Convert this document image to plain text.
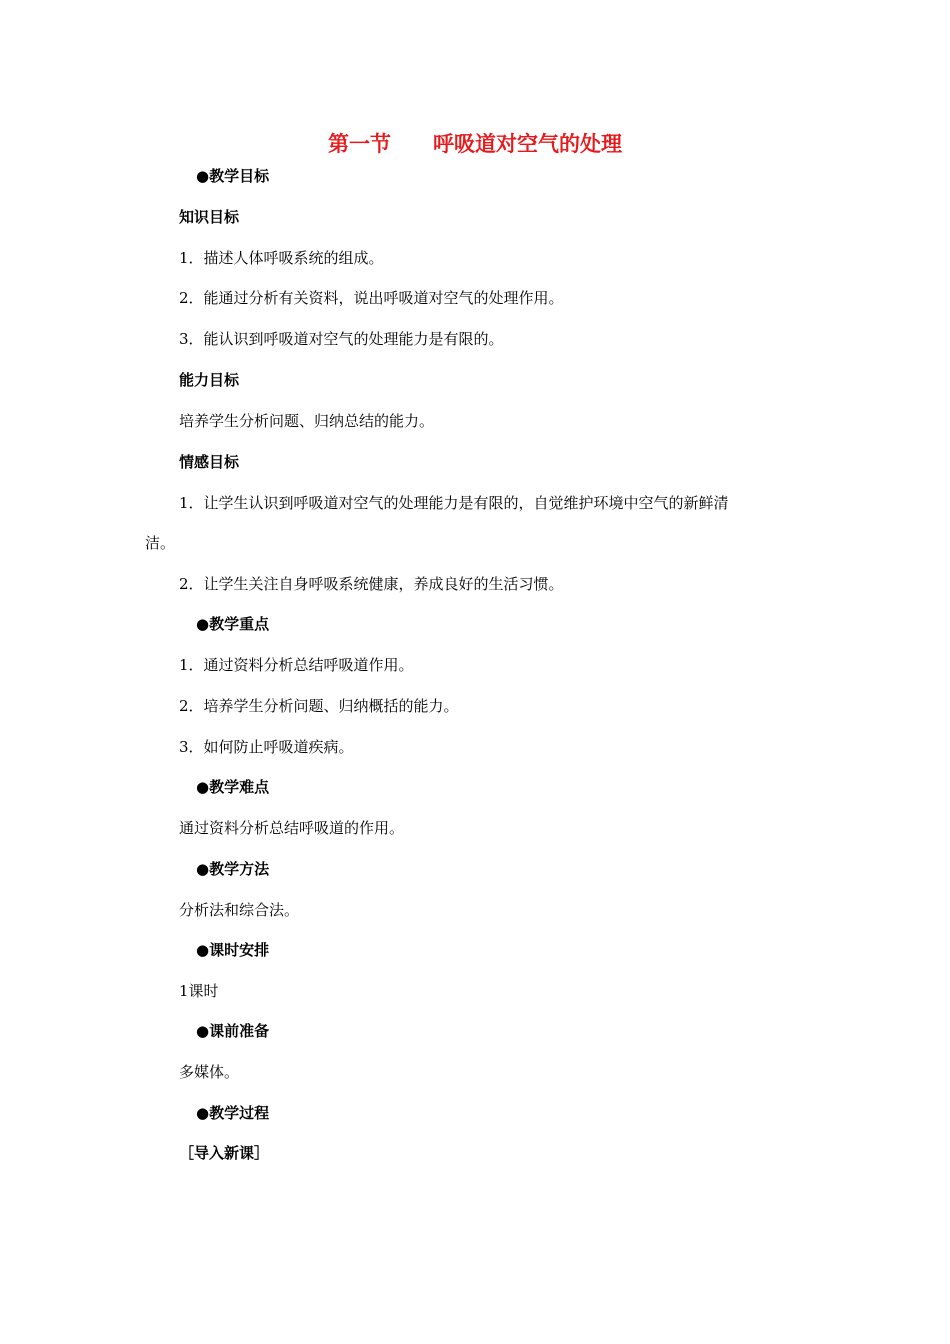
第一节　　呼吸道对空气的处理
●教学目标
知识目标
1．描述人体呼吸系统的组成。
2．能通过分析有关资料，说出呼吸道对空气的处理作用。
3．能认识到呼吸道对空气的处理能力是有限的。
能力目标
培养学生分析问题、归纳总结的能力。
情感目标
1．让学生认识到呼吸道对空气的处理能力是有限的，自觉维护环境中空气的新鲜清
洁。
2．让学生关注自身呼吸系统健康，养成良好的生活习惯。
●教学重点
1．通过资料分析总结呼吸道作用。
2．培养学生分析问题、归纳概括的能力。
3．如何防止呼吸道疾病。
●教学难点
通过资料分析总结呼吸道的作用。
●教学方法
分析法和综合法。
●课时安排
1课时
●课前准备
多媒体。
●教学过程
［导入新课］
